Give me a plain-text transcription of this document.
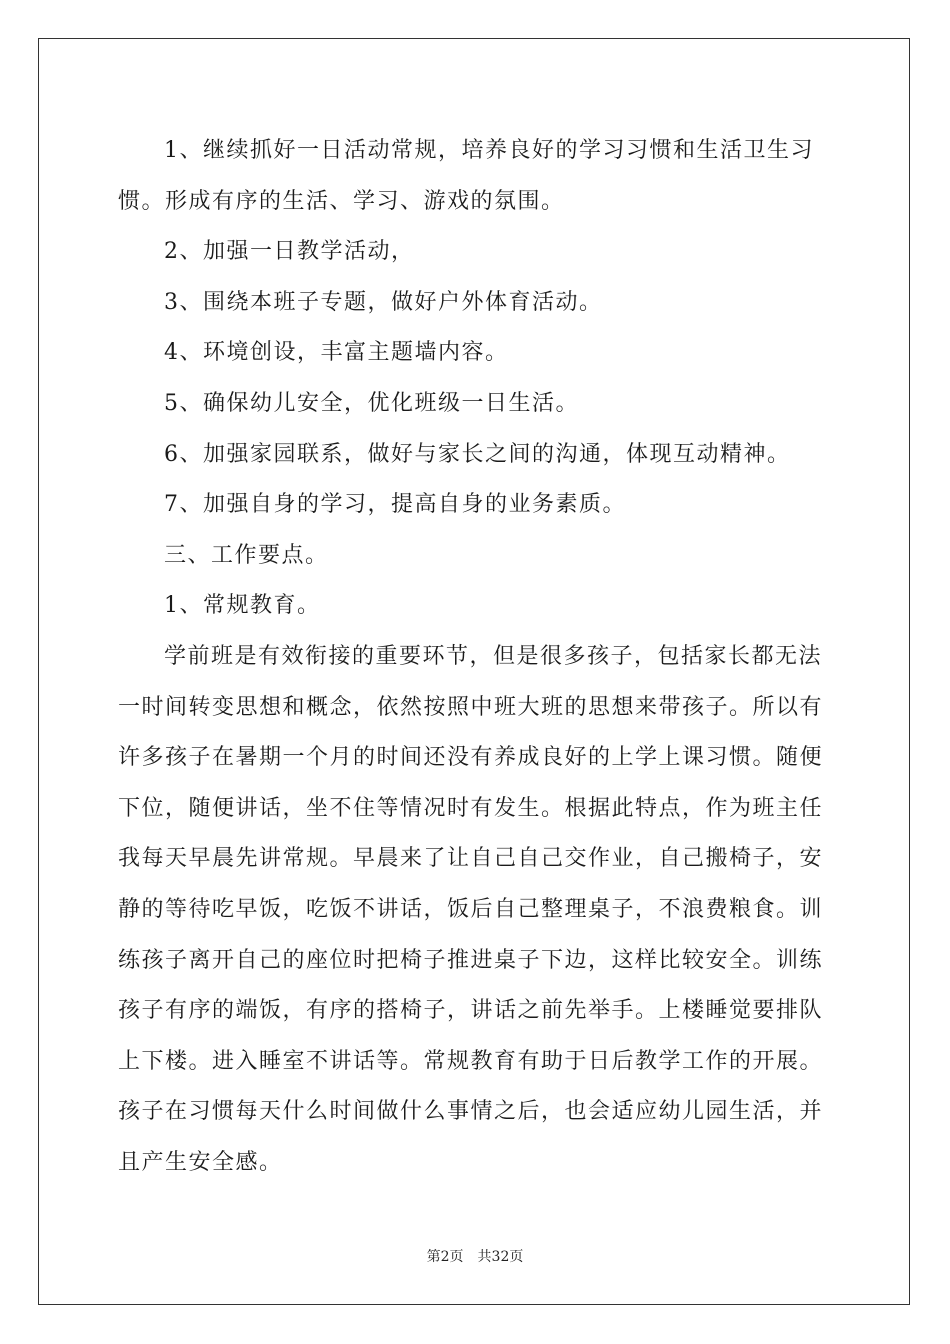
1、继续抓好一日活动常规，培养良好的学习习惯和生活卫生习
惯。形成有序的生活、学习、游戏的氛围。
2、加强一日教学活动，
3、围绕本班子专题，做好户外体育活动。
4、环境创设，丰富主题墙内容。
5、确保幼儿安全，优化班级一日生活。
6、加强家园联系，做好与家长之间的沟通，体现互动精神。
7、加强自身的学习，提高自身的业务素质。
三、工作要点。
1、常规教育。
学前班是有效衔接的重要环节，但是很多孩子，包括家长都无法
一时间转变思想和概念，依然按照中班大班的思想来带孩子。所以有
许多孩子在暑期一个月的时间还没有养成良好的上学上课习惯。随便
下位，随便讲话，坐不住等情况时有发生。根据此特点，作为班主任
我每天早晨先讲常规。早晨来了让自己自己交作业，自己搬椅子，安
静的等待吃早饭，吃饭不讲话，饭后自己整理桌子，不浪费粮食。训
练孩子离开自己的座位时把椅子推进桌子下边，这样比较安全。训练
孩子有序的端饭，有序的搭椅子，讲话之前先举手。上楼睡觉要排队
上下楼。进入睡室不讲话等。常规教育有助于日后教学工作的开展。
孩子在习惯每天什么时间做什么事情之后，也会适应幼儿园生活，并
且产生安全感。
第2页 共32页
